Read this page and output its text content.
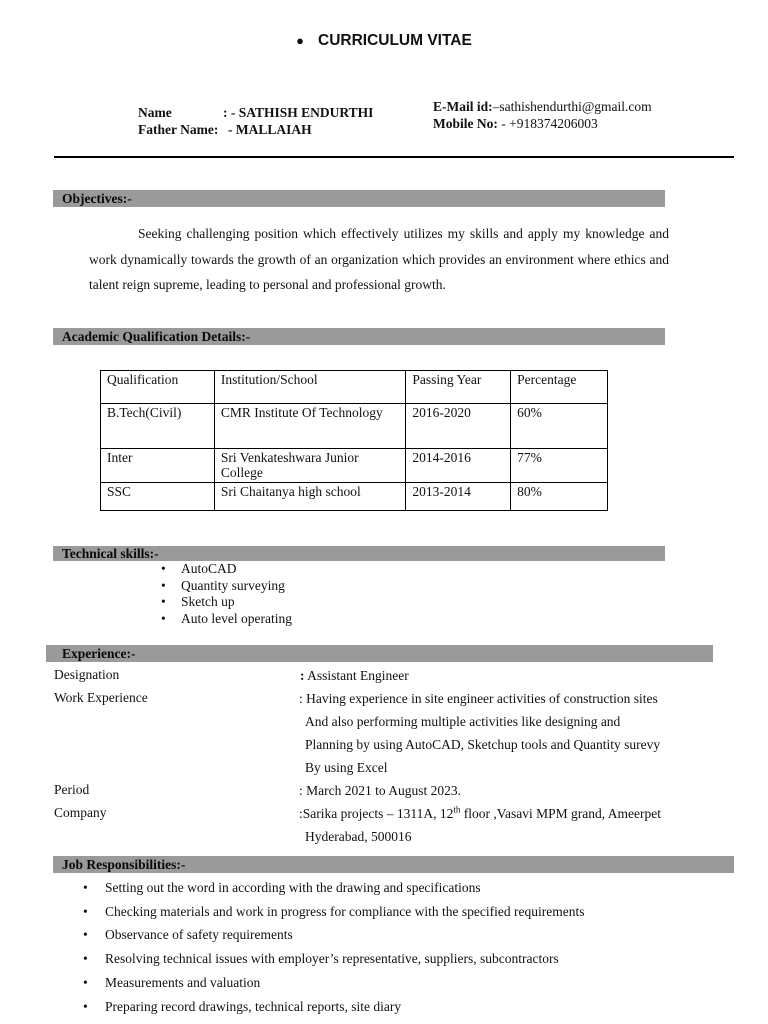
● CURRICULUM VITAE
Name	: - SATHISH ENDURTHI
Father Name: - MALLAIAH
E-Mail id:–sathishendurthi@gmail.com
Mobile No: - +918374206003
Objectives:-
Seeking challenging position which effectively utilizes my skills and apply my knowledge and work dynamically towards the growth of an organization which provides an environment where ethics and talent reign supreme, leading to personal and professional growth.
Academic Qualification Details:-
Qualification	Institution/School	Passing Year	Percentage
B.Tech(Civil)	CMR Institute Of Technology	2016-2020	60%
Inter	Sri Venkateshwara Junior College	2014-2016	77%
SSC	Sri Chaitanya high school	2013-2014	80%
Technical skills:-
• AutoCAD
• Quantity surveying
• Sketch up
• Auto level operating
Experience:-
Designation	: Assistant Engineer
Work Experience	: Having experience in site engineer activities of construction sites
And also performing multiple activities like designing and
Planning by using AutoCAD, Sketchup tools and Quantity surevy
By using Excel
Period	: March 2021 to August 2023.
Company	:Sarika projects – 1311A, 12th floor ,Vasavi MPM grand, Ameerpet
Hyderabad, 500016
Job Responsibilities:-
• Setting out the word in according with the drawing and specifications
• Checking materials and work in progress for compliance with the specified requirements
• Observance of safety requirements
• Resolving technical issues with employer’s representative, suppliers, subcontractors
• Measurements and valuation
• Preparing record drawings, technical reports, site diary
